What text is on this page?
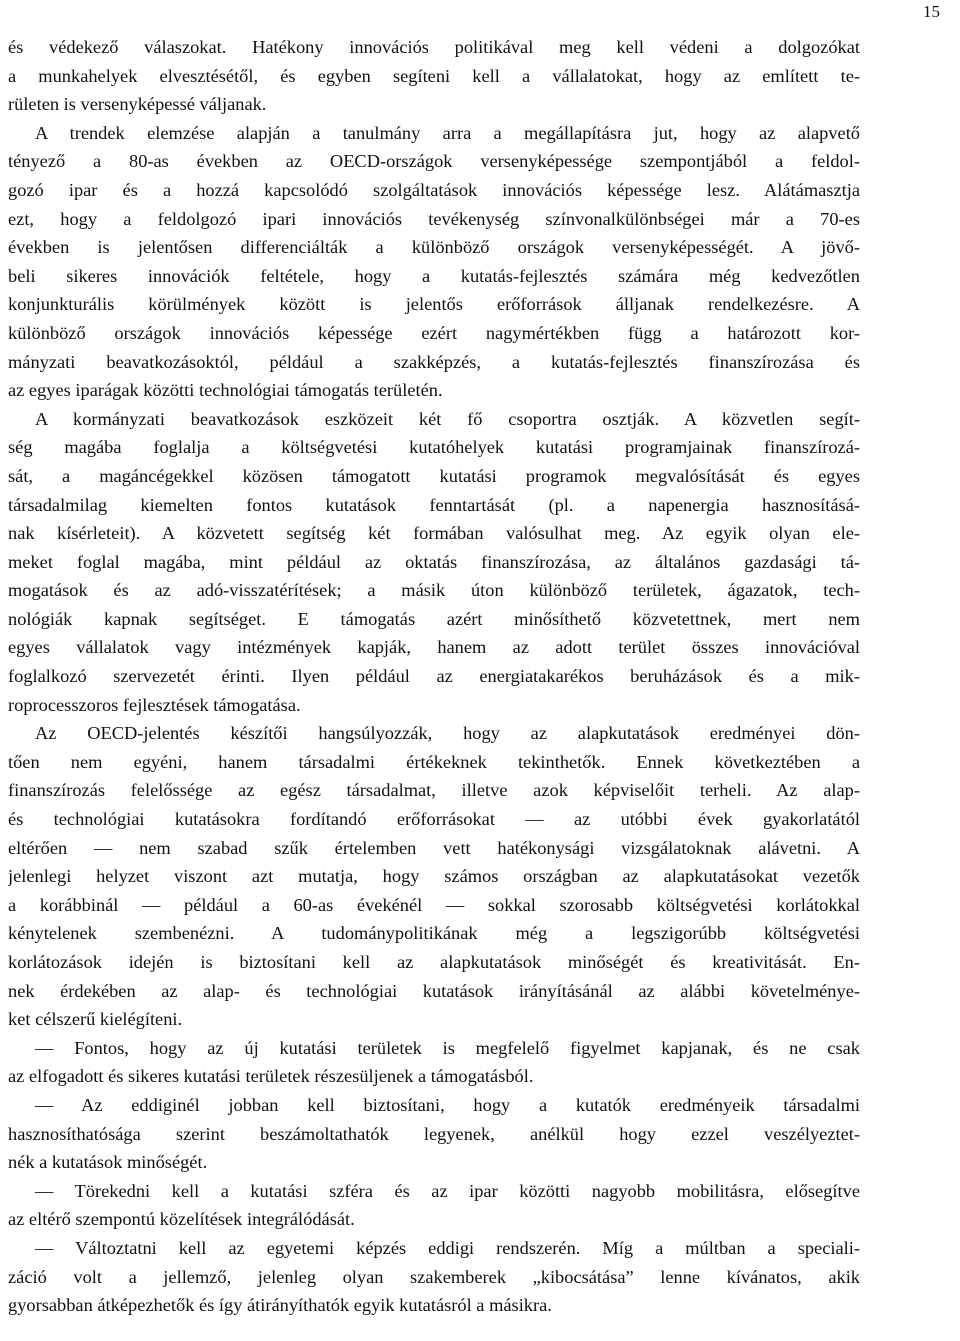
15
és védekező válaszokat. Hatékony innovációs politikával meg kell védeni a dolgozókat
a munkahelyek elvesztésétől, és egyben segíteni kell a vállalatokat, hogy az említett te-
rületen is versenyképessé váljanak.
A trendek elemzése alapján a tanulmány arra a megállapításra jut, hogy az alapvető
tényező a 80-as években az OECD-országok versenyképessége szempontjából a feldol-
gozó ipar és a hozzá kapcsolódó szolgáltatások innovációs képessége lesz. Alátámasztja
ezt, hogy a feldolgozó ipari innovációs tevékenység színvonalkülönbségei már a 70-es
években is jelentősen differenciálták a különböző országok versenyképességét. A jövő-
beli sikeres innovációk feltétele, hogy a kutatás-fejlesztés számára még kedvezőtlen
konjunkturális körülmények között is jelentős erőforrások álljanak rendelkezésre. A
különböző országok innovációs képessége ezért nagymértékben függ a határozott kor-
mányzati beavatkozásoktól, például a szakképzés, a kutatás-fejlesztés finanszírozása és
az egyes iparágak közötti technológiai támogatás területén.
A kormányzati beavatkozások eszközeit két fő csoportra osztják. A közvetlen segít-
ség magába foglalja a költségvetési kutatóhelyek kutatási programjainak finanszírozá-
sát, a magáncégekkel közösen támogatott kutatási programok megvalósítását és egyes
társadalmilag kiemelten fontos kutatások fenntartását (pl. a napenergia hasznosításá-
nak kísérleteit). A közvetett segítség két formában valósulhat meg. Az egyik olyan ele-
meket foglal magába, mint például az oktatás finanszírozása, az általános gazdasági tá-
mogatások és az adó-visszatérítések; a másik úton különböző területek, ágazatok, tech-
nológiák kapnak segítséget. E támogatás azért minősíthető közvetettnek, mert nem
egyes vállalatok vagy intézmények kapják, hanem az adott terület összes innovációval
foglalkozó szervezetét érinti. Ilyen például az energiatakarékos beruházások és a mik-
roprocesszoros fejlesztések támogatása.
Az OECD-jelentés készítői hangsúlyozzák, hogy az alapkutatások eredményei dön-
tően nem egyéni, hanem társadalmi értékeknek tekinthetők. Ennek következtében a
finanszírozás felelőssége az egész társadalmat, illetve azok képviselőit terheli. Az alap-
és technológiai kutatásokra fordítandó erőforrásokat — az utóbbi évek gyakorlatától
eltérően — nem szabad szűk értelemben vett hatékonysági vizsgálatoknak alávetni. A
jelenlegi helyzet viszont azt mutatja, hogy számos országban az alapkutatásokat vezetők
a korábbinál — például a 60-as évekénél — sokkal szorosabb költségvetési korlátokkal
kénytelenek szembenézni. A tudománypolitikának még a legszigorúbb költségvetési
korlátozások idején is biztosítani kell az alapkutatások minőségét és kreativitását. En-
nek érdekében az alap- és technológiai kutatások irányításánál az alábbi követelménye-
ket célszerű kielégíteni.
— Fontos, hogy az új kutatási területek is megfelelő figyelmet kapjanak, és ne csak
az elfogadott és sikeres kutatási területek részesüljenek a támogatásból.
— Az eddiginél jobban kell biztosítani, hogy a kutatók eredményeik társadalmi
hasznosíthatósága szerint beszámoltathatók legyenek, anélkül hogy ezzel veszélyeztet-
nék a kutatások minőségét.
— Törekedni kell a kutatási szféra és az ipar közötti nagyobb mobilitásra, elősegítve
az eltérő szempontú közelítések integrálódását.
— Változtatni kell az egyetemi képzés eddigi rendszerén. Míg a múltban a speciali-
záció volt a jellemző, jelenleg olyan szakemberek „kibocsátása” lenne kívánatos, akik
gyorsabban átképezhetők és így átirányíthatók egyik kutatásról a másikra.
